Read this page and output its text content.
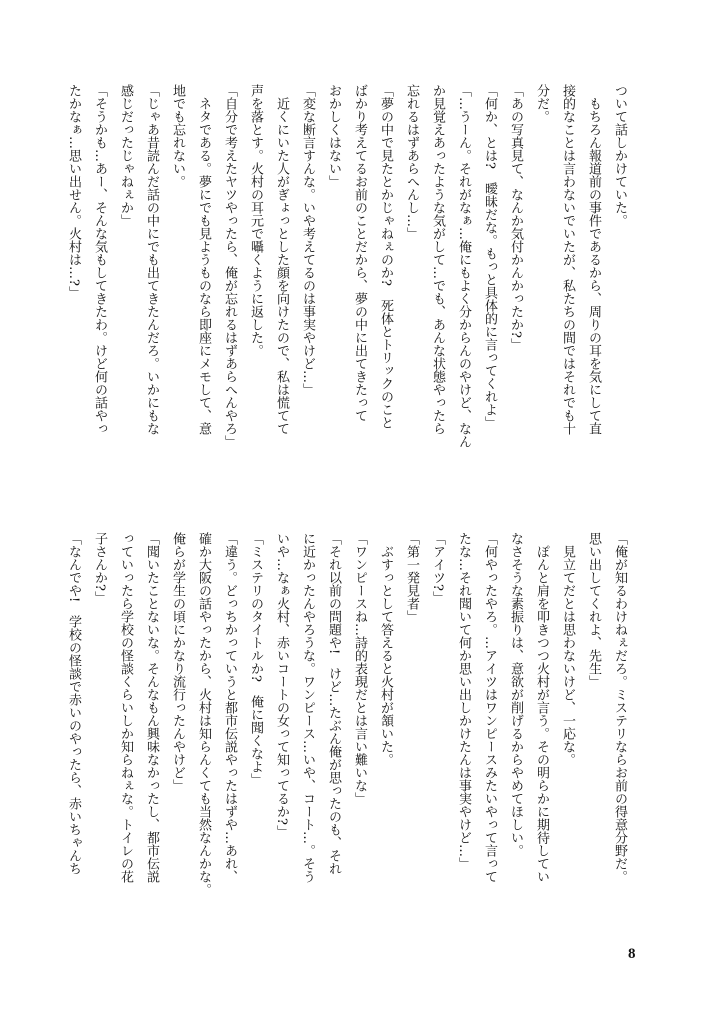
ついて話しかけていた。
　もちろん報道前の事件であるから、周りの耳を気にして直
接的なことは言わないでいたが、私たちの間ではそれでも十
分だ。
「あの写真見て、なんか気付かんかったか?」
「何か、とは?　曖昧だな。もっと具体的に言ってくれよ」
「…うーん。それがなぁ…俺にもよく分からんのやけど、なん
か見覚えあったような気がして…でも、あんな状態やったら
忘れるはずあらへんし…」
「夢の中で見たとかじゃねぇのか?　死体とトリックのこと
ばかり考えてるお前のことだから、夢の中に出てきたって
おかしくはない」
「変な断言すんな。いや考えてるのは事実やけど…」
　近くにいた人がぎょっとした顔を向けたので、私は慌てて
声を落とす。火村の耳元で囁くように返した。
「自分で考えたヤツやったら、俺が忘れるはずあらへんやろ」
　ネタである。夢にでも見ようものなら即座にメモして、意
地でも忘れない。
「じゃあ昔読んだ話の中にでも出てきたんだろ。いかにもな
感じだったじゃねぇか」
「そうかも…あー、そんな気もしてきたわ。けど何の話やっ
たかなぁ…思い出せん。火村は…?」
「俺が知るわけねぇだろ。ミステリならお前の得意分野だ。
思い出してくれよ、先生」
　見立てだとは思わないけど、一応な。
　ぽんと肩を叩きつつ火村が言う。その明らかに期待してい
なさそうな素振りは、意欲が削げるからやめてほしい。
「何やったやろ。…アイツはワンピースみたいやって言って
たな…それ聞いて何か思い出しかけたんは事実やけど…」
「アイツ?」
「第一発見者」
　ぶすっとして答えると火村が頷いた。
「ワンピースね…詩的表現だとは言い難いな」
「それ以前の問題や!　けど…たぶん俺が思ったのも、それ
に近かったんやろうな。ワンピース…いや、コート…。そう
いや…なぁ火村、赤いコートの女って知ってるか?」
「ミステリのタイトルか?　俺に聞くなよ」
「違う。どっちかっていうと都市伝説やったはずや…あれ、
確か大阪の話やったから、火村は知らんくても当然なんかな。
俺らが学生の頃にかなり流行ったんやけど」
「聞いたことないな。そんなもん興味なかったし、都市伝説
っていったら学校の怪談くらいしか知らねぇな。トイレの花
子さんか?」
「なんでや!　学校の怪談で赤いのやったら、赤いちゃんち
8
